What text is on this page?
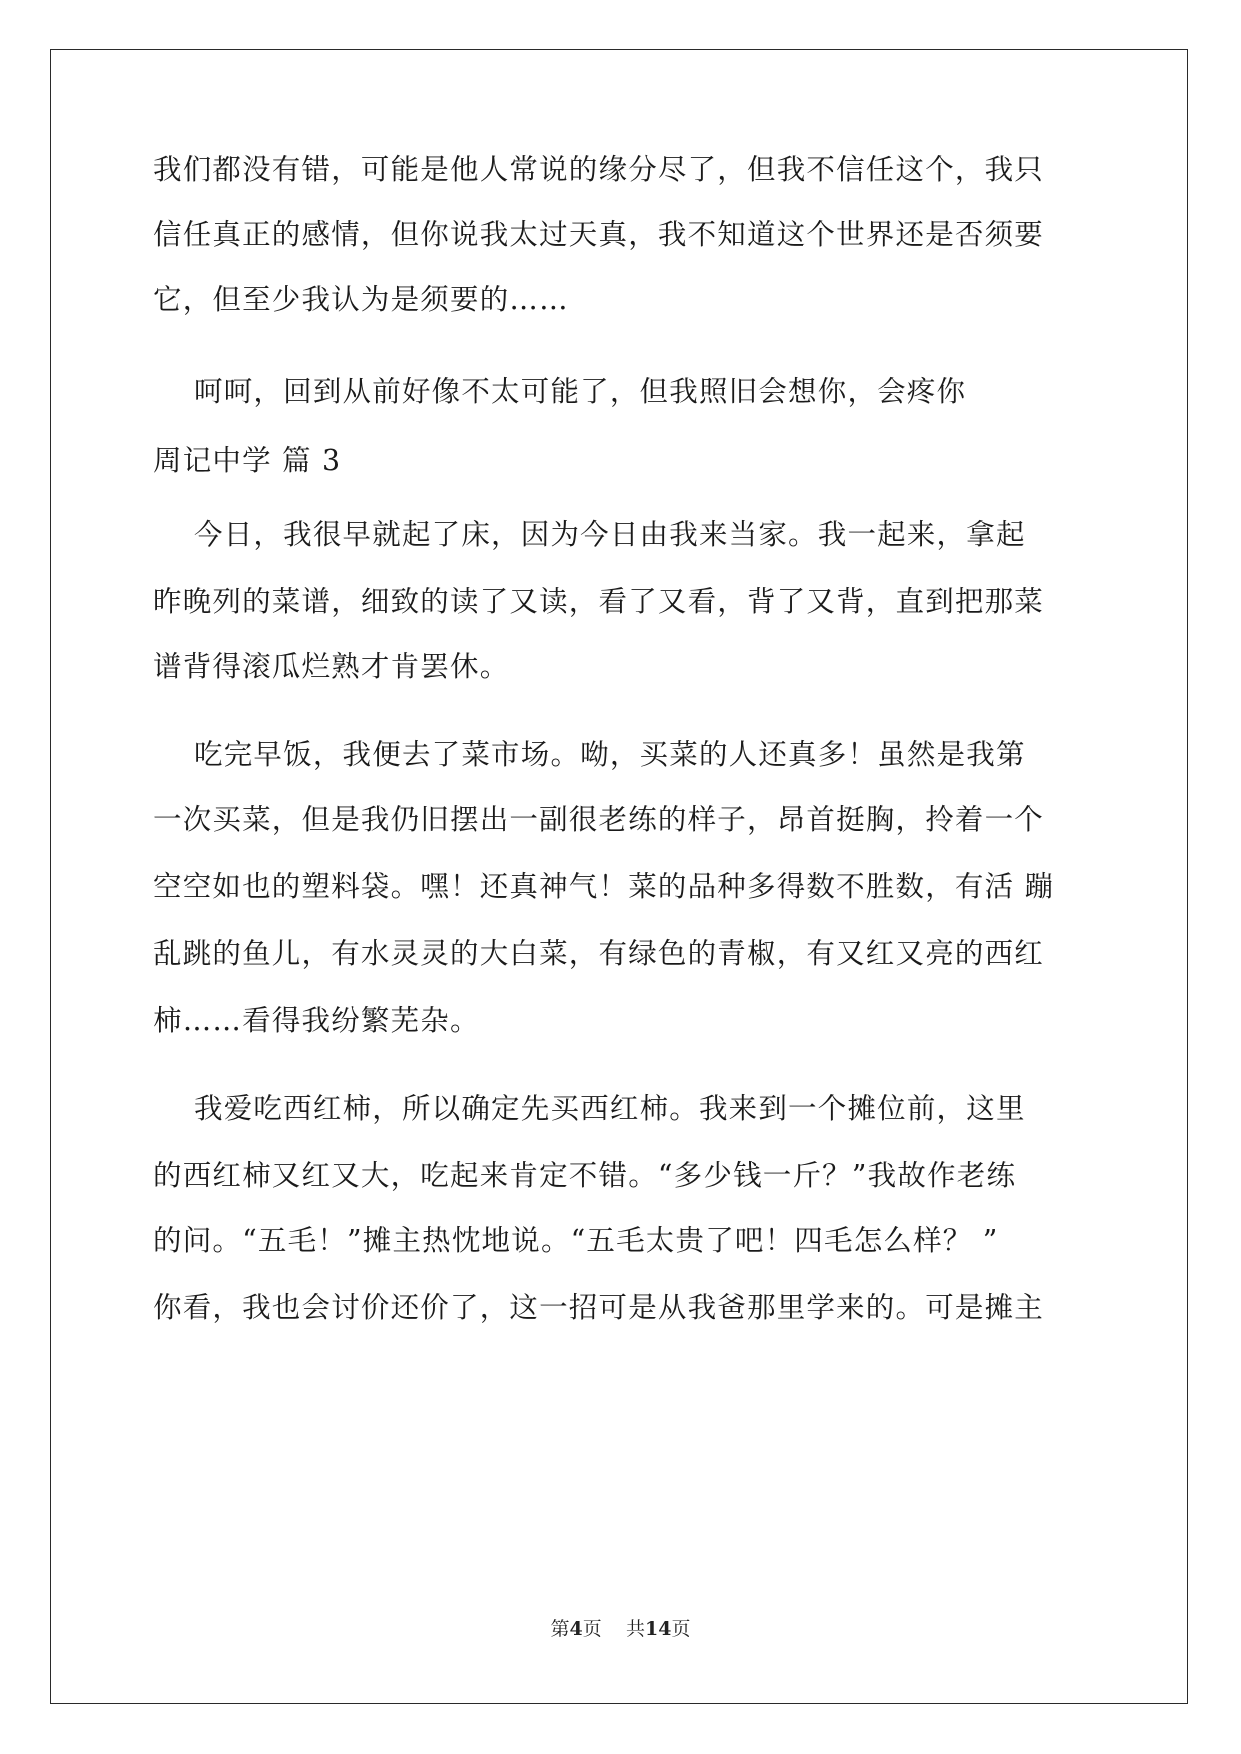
我们都没有错，可能是他人常说的缘分尽了，但我不信任这个，我只
信任真正的感情，但你说我太过天真，我不知道这个世界还是否须要
它，但至少我认为是须要的……
呵呵，回到从前好像不太可能了，但我照旧会想你，会疼你
周记中学 篇 3
今日，我很早就起了床，因为今日由我来当家。我一起来，拿起
昨晚列的菜谱，细致的读了又读，看了又看，背了又背，直到把那菜
谱背得滚瓜烂熟才肯罢休。
吃完早饭，我便去了菜市场。呦，买菜的人还真多！虽然是我第
一次买菜，但是我仍旧摆出一副很老练的样子，昂首挺胸，拎着一个
空空如也的塑料袋。嘿！还真神气！菜的品种多得数不胜数，有活 蹦
乱跳的鱼儿，有水灵灵的大白菜，有绿色的青椒，有又红又亮的西红
柿……看得我纷繁芜杂。
我爱吃西红柿，所以确定先买西红柿。我来到一个摊位前，这里
的西红柿又红又大，吃起来肯定不错。“多少钱一斤？”我故作老练
的问。“五毛！”摊主热忱地说。“五毛太贵了吧！四毛怎么样？ ”
你看，我也会讨价还价了，这一招可是从我爸那里学来的。可是摊主
第4页 共14页
